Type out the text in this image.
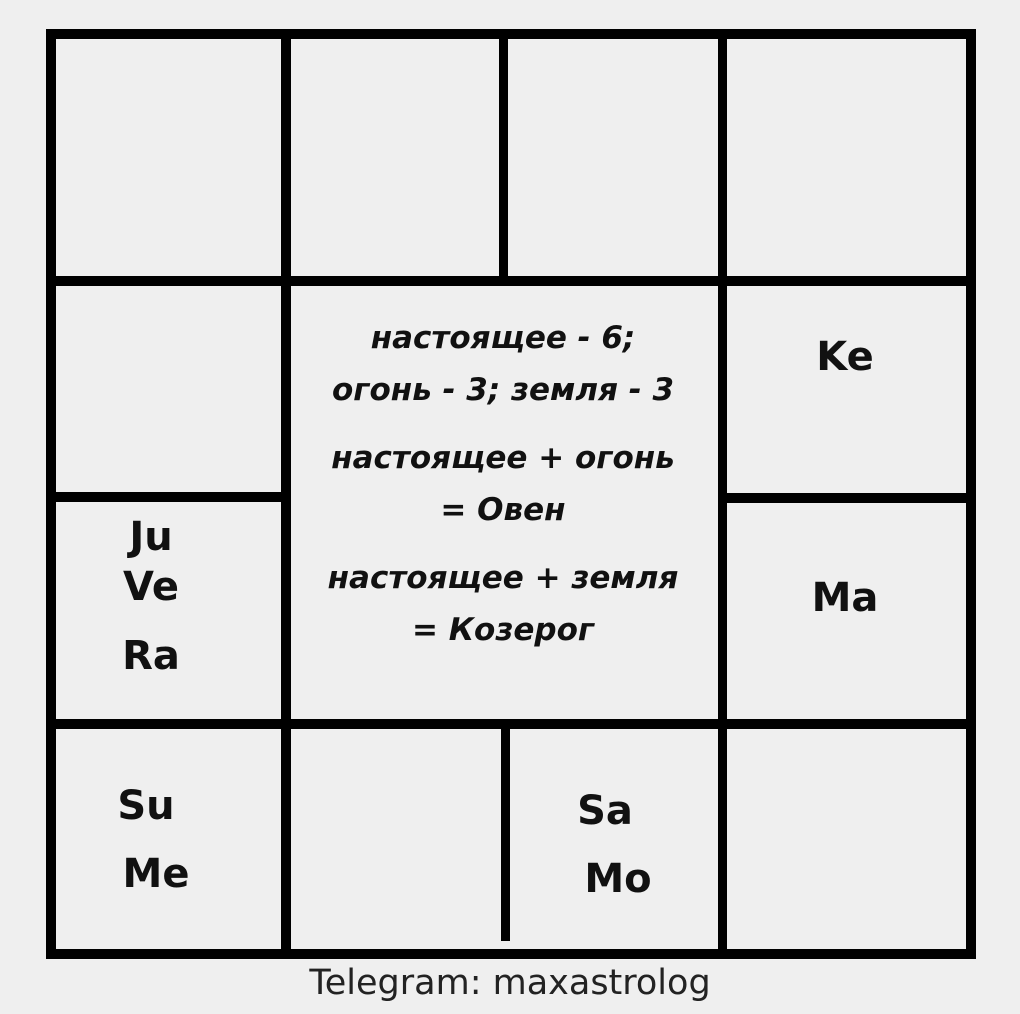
Ke
Ma
Ju
Ve
Ra
Su
Me
Sa
Mo
настоящее - 6;
огонь - 3; земля - 3
настоящее + огонь
= Овен
настоящее + земля
= Козерог
Telegram: maxastrolog
